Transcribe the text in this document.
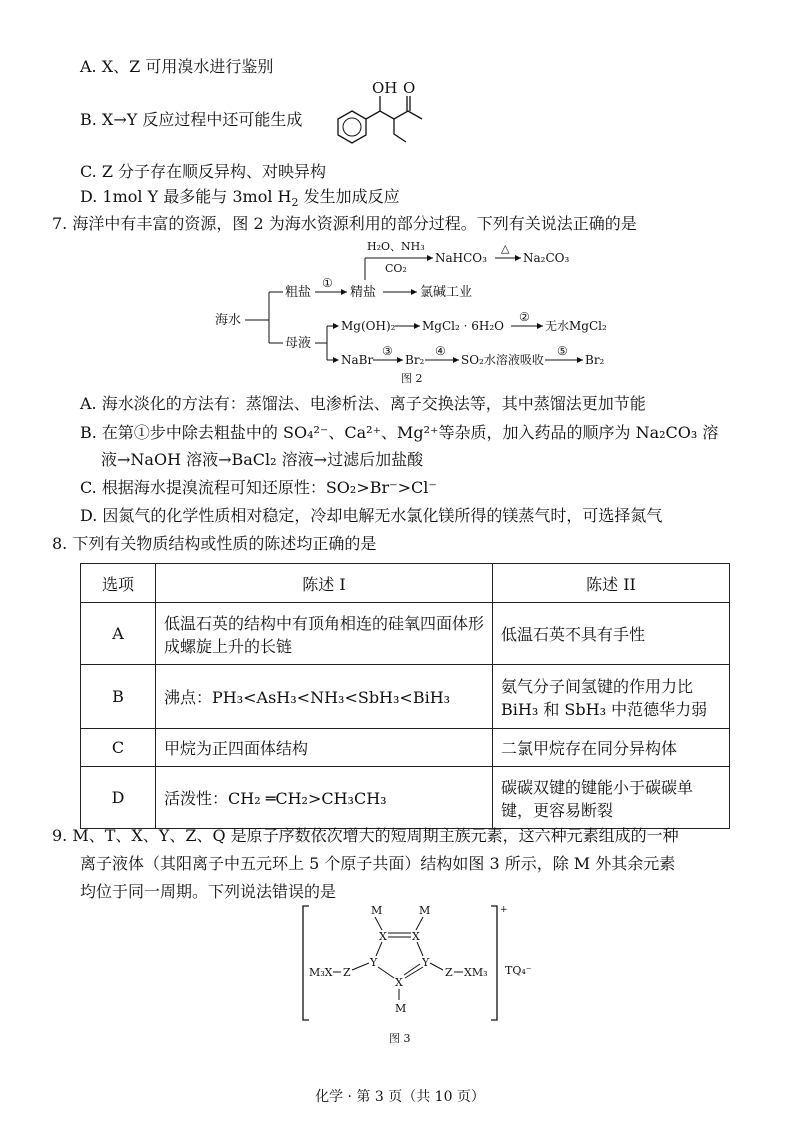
A. X、Z 可用溴水进行鉴别
B. X→Y 反应过程中还可能生成
OH O
C. Z 分子存在顺反异构、对映异构
D. 1mol Y 最多能与 3mol $H_2$ 发生加成反应
7. 海洋中有丰富的资源，图 2 为海水资源利用的部分过程。下列有关说法正确的是
海水
粗盐
①
精盐
H₂O、NH₃
CO₂
NaHCO₃
△
Na₂CO₃
氯碱工业
母液
Mg(OH)₂ MgCl₂ · 6H₂O
②
无水MgCl₂
NaBr
③
Br₂
④
SO₂水溶液吸收
⑤
Br₂
图 2
A. 海水淡化的方法有：蒸馏法、电渗析法、离子交换法等，其中蒸馏法更加节能
B. 在第①步中除去粗盐中的 SO₄²⁻、Ca²⁺、Mg²⁺等杂质，加入药品的顺序为 Na₂CO₃ 溶
液→NaOH 溶液→BaCl₂ 溶液→过滤后加盐酸
C. 根据海水提溴流程可知还原性：SO₂>Br⁻>Cl⁻
D. 因氮气的化学性质相对稳定，冷却电解无水氯化镁所得的镁蒸气时，可选择氮气
8. 下列有关物质结构或性质的陈述均正确的是
选项	陈述 I	陈述 II
A	低温石英的结构中有顶角相连的硅氧四面体形成螺旋上升的长链	低温石英不具有手性
B	沸点：PH₃<AsH₃<NH₃<SbH₃<BiH₃	氨气分子间氢键的作用力比 BiH₃ 和 SbH₃ 中范德华力弱
C	甲烷为正四面体结构	二氯甲烷存在同分异构体
D	活泼性：CH₂ ═CH₂>CH₃CH₃	碳碳双键的键能小于碳碳单键，更容易断裂
9. M、T、X、Y、Z、Q 是原子序数依次增大的短周期主族元素，这六种元素组成的一种
离子液体（其阳离子中五元环上 5 个原子共面）结构如图 3 所示，除 M 外其余元素
均位于同一周期。下列说法错误的是
+
TQ₄⁻
M	M
X X
Y	Y
X
M
M₃X Z	Z XM₃
图 3
化学 · 第 3 页（共 10 页）
